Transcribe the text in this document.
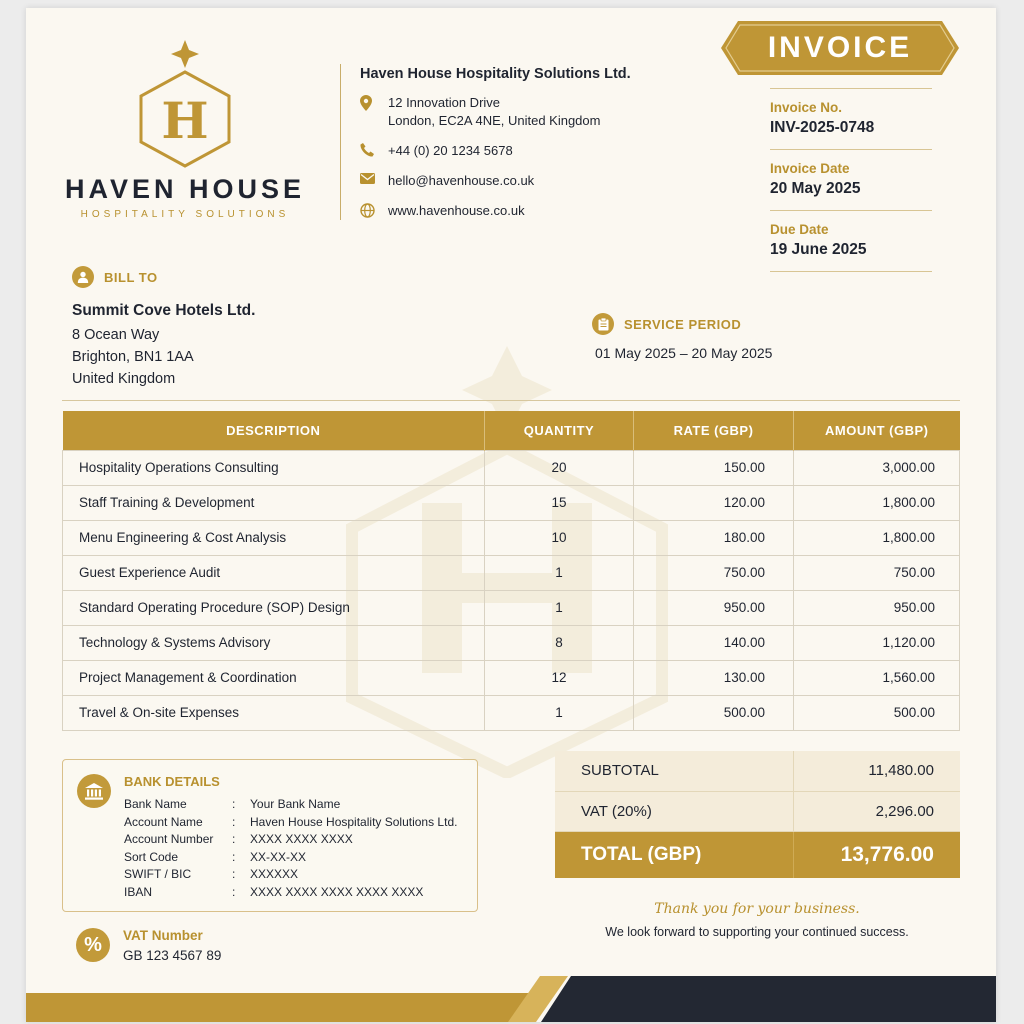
H
HAVEN HOUSE
HOSPITALITY SOLUTIONS
Haven House Hospitality Solutions Ltd.
12 Innovation Drive
London, EC2A 4NE, United Kingdom
+44 (0) 20 1234 5678
hello@havenhouse.co.uk
www.havenhouse.co.uk
INVOICE
Invoice No.
INV-2025-0748
Invoice Date
20 May 2025
Due Date
19 June 2025
BILL TO
Summit Cove Hotels Ltd.
8 Ocean Way
Brighton, BN1 1AA
United Kingdom
SERVICE PERIOD
01 May 2025 – 20 May 2025
DESCRIPTION	QUANTITY	RATE (GBP)	AMOUNT (GBP)
Hospitality Operations Consulting	20	150.00	3,000.00
Staff Training & Development	15	120.00	1,800.00
Menu Engineering & Cost Analysis	10	180.00	1,800.00
Guest Experience Audit	1	750.00	750.00
Standard Operating Procedure (SOP) Design	1	950.00	950.00
Technology & Systems Advisory	8	140.00	1,120.00
Project Management & Coordination	12	130.00	1,560.00
Travel & On-site Expenses	1	500.00	500.00
BANK DETAILS
Bank Name	:	Your Bank Name
Account Name	:	Haven House Hospitality Solutions Ltd.
Account Number	:	XXXX XXXX XXXX
Sort Code	:	XX-XX-XX
SWIFT / BIC	:	XXXXXX
IBAN	:	XXXX XXXX XXXX XXXX XXXX
%	VAT Number
GB 123 4567 89
SUBTOTAL	11,480.00
VAT (20%)	2,296.00
TOTAL (GBP)	13,776.00
Thank you for your business.
We look forward to supporting your continued success.
